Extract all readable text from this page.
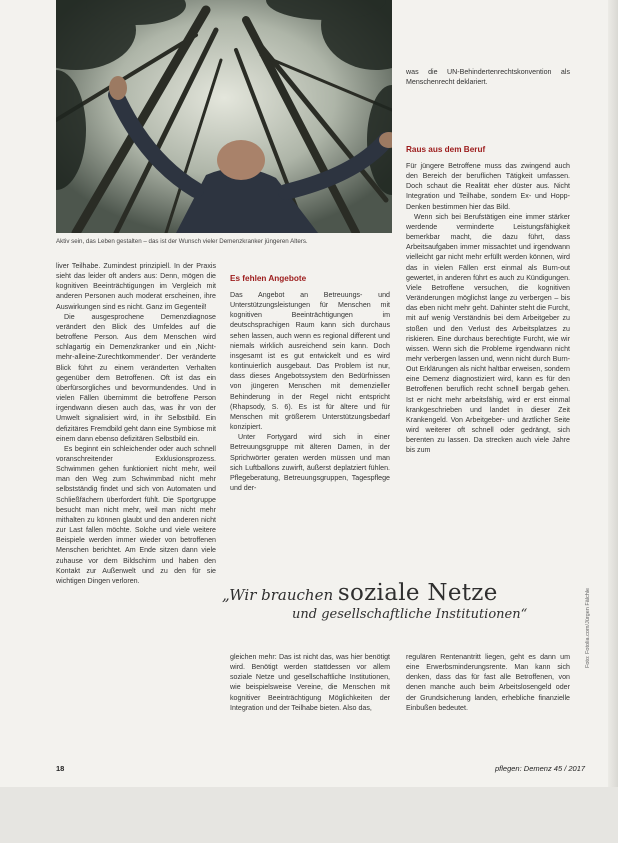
Aktiv sein, das Leben gestalten – das ist der Wunsch vieler Demenzkranker jüngeren Alters.

liver Teilhabe. Zumindest prinzipiell. In der Praxis sieht das leider oft anders aus: Denn, mögen die kognitiven Beeinträchtigungen im Vergleich mit anderen Personen auch moderat erscheinen, ihre Auswirkungen sind es nicht. Ganz im Gegenteil!

Die ausgesprochene Demenzdiagnose verändert den Blick des Umfeldes auf die betroffene Person. Aus dem Menschen wird schlagartig ein Demenzkranker und ein ‚Nicht-mehr-alleine-Zurechtkommender‘. Der veränderte Blick führt zu einem veränderten Verhalten gegenüber dem Betroffenen. Oft ist das ein überfürsorgliches und bevormundendes. Und in vielen Fällen übernimmt die betroffene Person irgendwann diesen auch das, was ihr von der Umwelt signalisiert wird, in ihr Selbstbild. Ein defizitäres Fremdbild geht dann eine Symbiose mit einem dann ebenso defizitären Selbstbild ein.

Es beginnt ein schleichender oder auch schnell voranschreitender Exklusionsprozess. Schwimmen gehen funktioniert nicht mehr, weil man den Weg zum Schwimmbad nicht mehr selbstständig findet und sich von Automaten und Schließfächern überfordert fühlt. Die Sportgruppe besucht man nicht mehr, weil man nicht mehr mithalten zu können glaubt und den anderen nicht zur Last fallen möchte. Solche und viele weitere Beispiele werden immer wieder von betroffenen Menschen berichtet. Am Ende sitzen dann viele zuhause vor dem Bildschirm und haben den Kontakt zur Außenwelt und zu den für sie wichtigen Dingen verloren.

Es fehlen Angebote

Das Angebot an Betreuungs- und Unterstützungsleistungen für Menschen mit kognitiven Beeinträchtigungen im deutschsprachigen Raum kann sich durchaus sehen lassen, auch wenn es regional different und niemals wirklich ausreichend sein kann. Doch insgesamt ist es gut entwickelt und es wird kontinuierlich ausgebaut. Das Problem ist nur, dass dieses Angebotssystem den Bedürfnissen von jüngeren Menschen mit demenzieller Behinderung in der Regel nicht entspricht (Rhapsody, S. 6). Es ist für ältere und für Menschen mit größerem Unterstützungsbedarf konzipiert.

Unter Fortygard wird sich in einer Betreuungsgruppe mit älteren Damen, in der Sprichwörter geraten werden müssen und man sich Luftballons zuwirft, äußerst deplatziert fühlen. Pflegeberatung, Betreuungsgruppen, Tagespflege und der-

was die UN-Behindertenrechtskonvention als Menschenrecht deklariert.

Raus aus dem Beruf

Für jüngere Betroffene muss das zwingend auch den Bereich der beruflichen Tätigkeit umfassen. Doch schaut die Realität eher düster aus. Nicht Integration und Teilhabe, sondern Ex- und Hopp-Denken bestimmen hier das Bild.

Wenn sich bei Berufstätigen eine immer stärker werdende verminderte Leistungsfähigkeit bemerkbar macht, die dazu führt, dass Arbeitsaufgaben immer missachtet und irgendwann vielleicht gar nicht mehr erfüllt werden können, wird das in vielen Fällen erst einmal als Burn-out gewertet, in anderen führt es auch zu Kündigungen. Viele Betroffene versuchen, die kognitiven Veränderungen möglichst lange zu verbergen – bis das eben nicht mehr geht. Dahinter steht die Furcht, mit auf wenig Verständnis bei dem Arbeitgeber zu stoßen und den Verlust des Arbeitsplatzes zu riskieren. Eine durchaus berechtigte Furcht, wie wir wissen. Wenn sich die Probleme irgendwann nicht mehr verbergen lassen und, wenn nicht durch Burn-Out Erklärungen als nicht haltbar erweisen, sondern eine Demenz diagnostiziert wird, kann es für den Betroffenen beruflich recht schnell bergab gehen. Ist er nicht mehr arbeitsfähig, wird er erst einmal krankgeschrieben und landet in dieser Zeit Krankengeld. Von Arbeitgeber- und ärztlicher Seite wird weiterer oft schnell oder gedrängt, sich berenten zu lassen. Da strecken auch viele Jahre bis zum

„Wir brauchen soziale Netze
und gesellschaftliche Institutionen“

gleichen mehr: Das ist nicht das, was hier benötigt wird. Benötigt werden stattdessen vor allem soziale Netze und gesellschaftliche Institutionen, wie beispielsweise Vereine, die Menschen mit kognitiver Beeinträchtigung Möglichkeiten der Integration und der Teilhabe bieten. Also das,

regulären Rentenantritt liegen, geht es dann um eine Erwerbsminderungsrente. Man kann sich denken, dass das für fast alle Betroffenen, von denen manche auch beim Arbeitslosengeld oder der Grundsicherung landen, erhebliche finanzielle Einbußen bedeutet.

Foto: Fotolia.com/Jürgen Fälchle
18	pflegen: Demenz 45 / 2017
